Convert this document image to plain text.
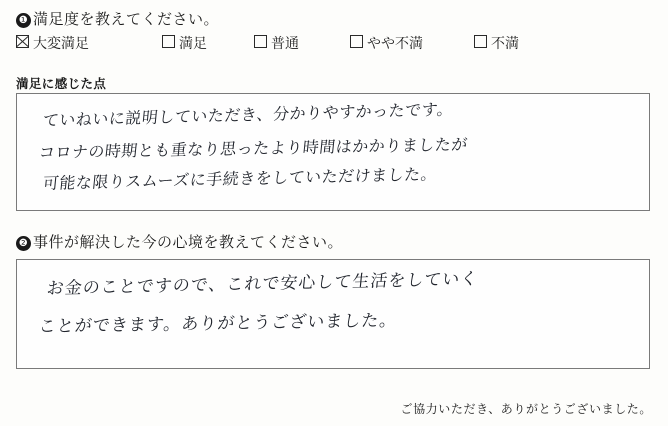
❶ 満足度を教えてください。
大変満足	満足	普通	やや不満	不満
満足に感じた点
ていねいに説明していただき、分かりやすかったです。
コロナの時期とも重なり思ったより時間はかかりましたが
可能な限りスムーズに手続きをしていただけました。
❷ 事件が解決した今の心境を教えてください。
お金のことですので、これで安心して生活をしていく
ことができます。ありがとうございました。
ご協力いただき、ありがとうございました。
